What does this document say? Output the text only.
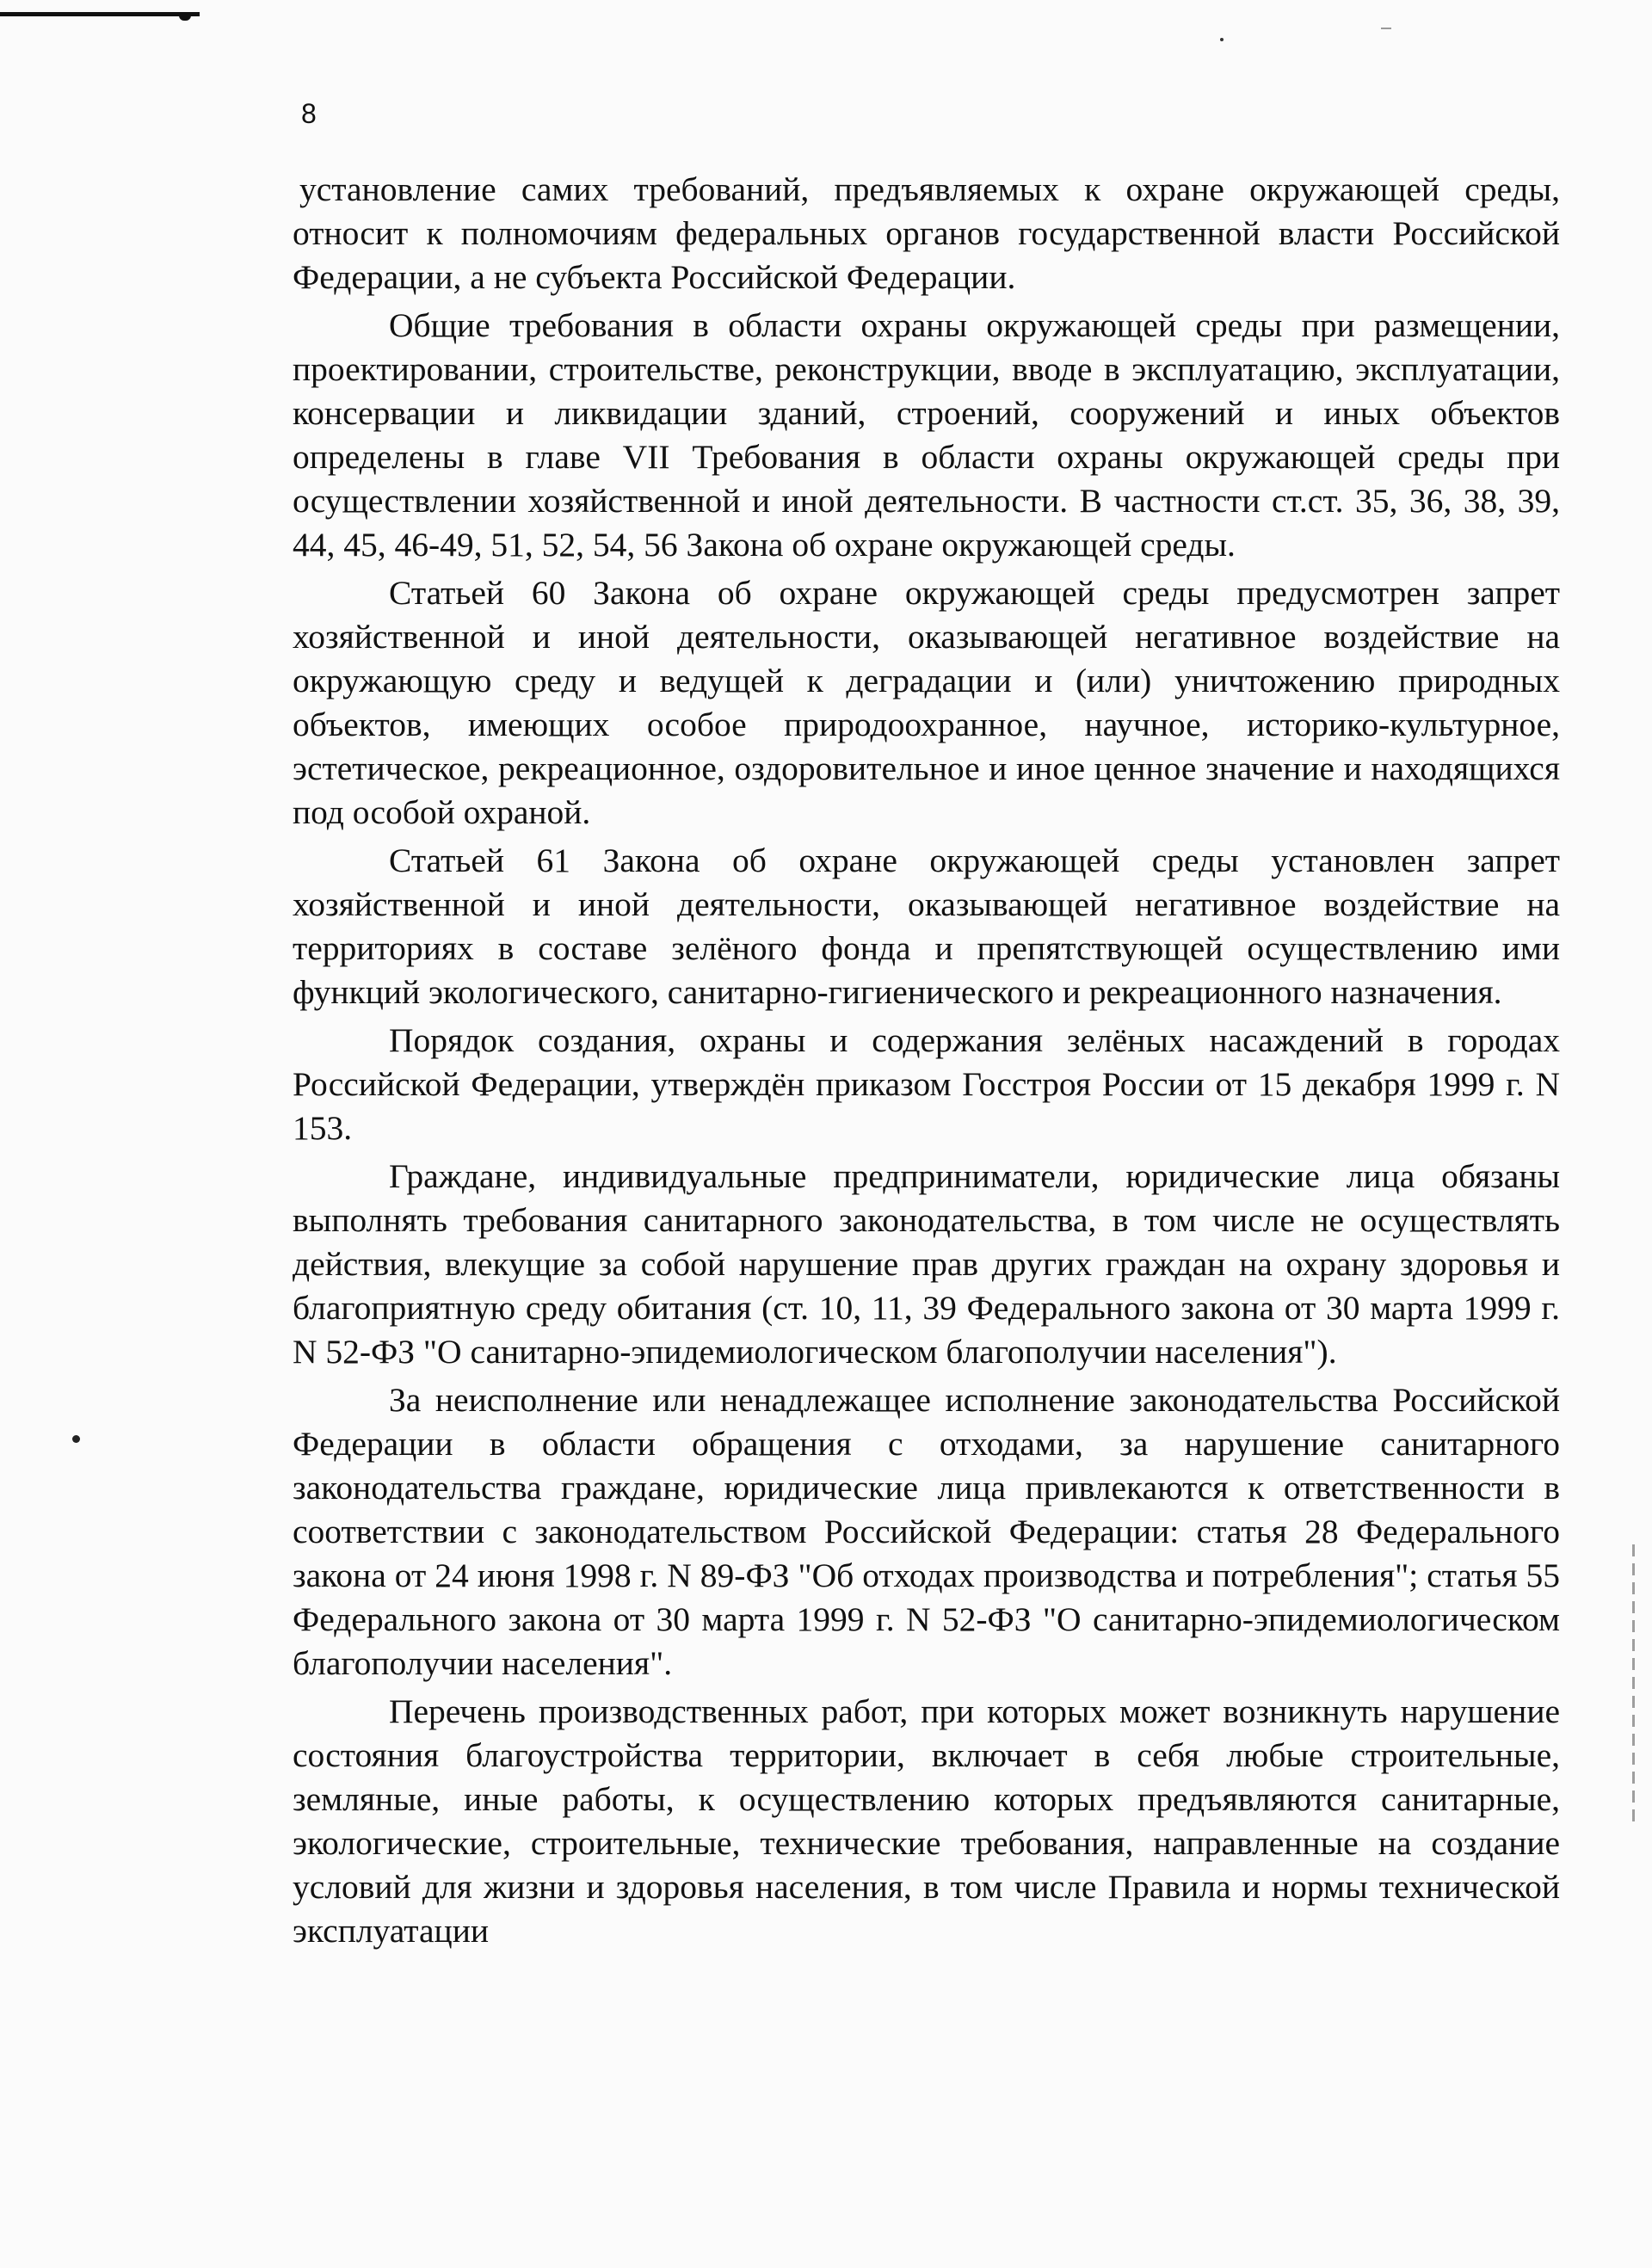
8

установление самих требований, предъявляемых к охране окружающей среды, относит к полномочиям федеральных органов государственной власти Российской Федерации, а не субъекта Российской Федерации.

Общие требования в области охраны окружающей среды при размещении, проектировании, строительстве, реконструкции, вводе в эксплуатацию, эксплуатации, консервации и ликвидации зданий, строений, сооружений и иных объектов определены в главе VII Требования в области охраны окружающей среды при осуществлении хозяйственной и иной деятельности. В частности ст.ст. 35, 36, 38, 39, 44, 45, 46-49, 51, 52, 54, 56 Закона об охране окружающей среды.

Статьей 60 Закона об охране окружающей среды предусмотрен запрет хозяйственной и иной деятельности, оказывающей негативное воздействие на окружающую среду и ведущей к деградации и (или) уничтожению природных объектов, имеющих особое природоохранное, научное, историко-культурное, эстетическое, рекреационное, оздоровительное и иное ценное значение и находящихся под особой охраной.

Статьей 61 Закона об охране окружающей среды установлен запрет хозяйственной и иной деятельности, оказывающей негативное воздействие на территориях в составе зелёного фонда и препятствующей осуществлению ими функций экологического, санитарно-гигиенического и рекреационного назначения.

Порядок создания, охраны и содержания зелёных насаждений в городах Российской Федерации, утверждён приказом Госстроя России от 15 декабря 1999 г. N 153.

Граждане, индивидуальные предприниматели, юридические лица обязаны выполнять требования санитарного законодательства, в том числе не осуществлять действия, влекущие за собой нарушение прав других граждан на охрану здоровья и благоприятную среду обитания (ст. 10, 11, 39 Федерального закона от 30 марта 1999 г. N 52-ФЗ "О санитарно-эпидемиологическом благополучии населения").

За неисполнение или ненадлежащее исполнение законодательства Российской Федерации в области обращения с отходами, за нарушение санитарного законодательства граждане, юридические лица привлекаются к ответственности в соответствии с законодательством Российской Федерации: статья 28 Федерального закона от 24 июня 1998 г. N 89-ФЗ "Об отходах производства и потребления"; статья 55 Федерального закона от 30 марта 1999 г. N 52-ФЗ "О санитарно-эпидемиологическом благополучии населения".

Перечень производственных работ, при которых может возникнуть нарушение состояния благоустройства территории, включает в себя любые строительные, земляные, иные работы, к осуществлению которых предъявляются санитарные, экологические, строительные, технические требования, направленные на создание условий для жизни и здоровья населения, в том числе Правила и нормы технической эксплуатации
